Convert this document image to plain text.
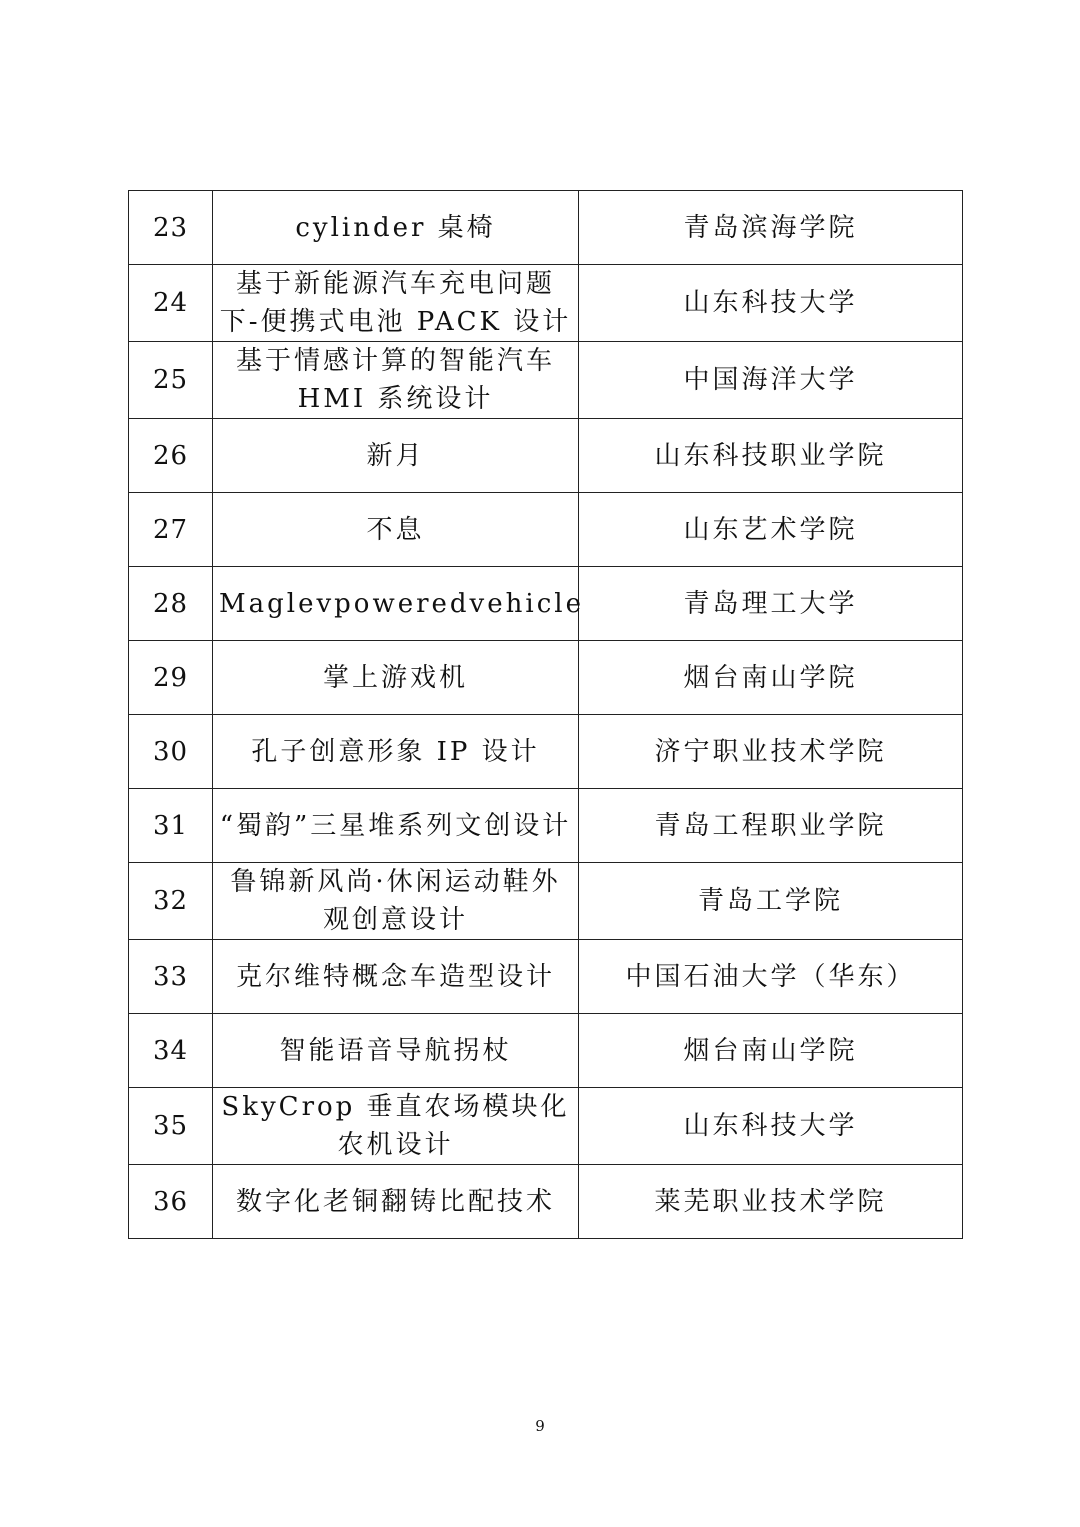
23	cylinder 桌椅	青岛滨海学院
24	基于新能源汽车充电问题下-便携式电池 PACK 设计	山东科技大学
25	基于情感计算的智能汽车 HMI 系统设计	中国海洋大学
26	新月	山东科技职业学院
27	不息	山东艺术学院
28	Maglevpoweredvehicle	青岛理工大学
29	掌上游戏机	烟台南山学院
30	孔子创意形象 IP 设计	济宁职业技术学院
31	“蜀韵”三星堆系列文创设计	青岛工程职业学院
32	鲁锦新风尚·休闲运动鞋外观创意设计	青岛工学院
33	克尔维特概念车造型设计	中国石油大学（华东）
34	智能语音导航拐杖	烟台南山学院
35	SkyCrop 垂直农场模块化农机设计	山东科技大学
36	数字化老铜翻铸比配技术	莱芜职业技术学院
9
